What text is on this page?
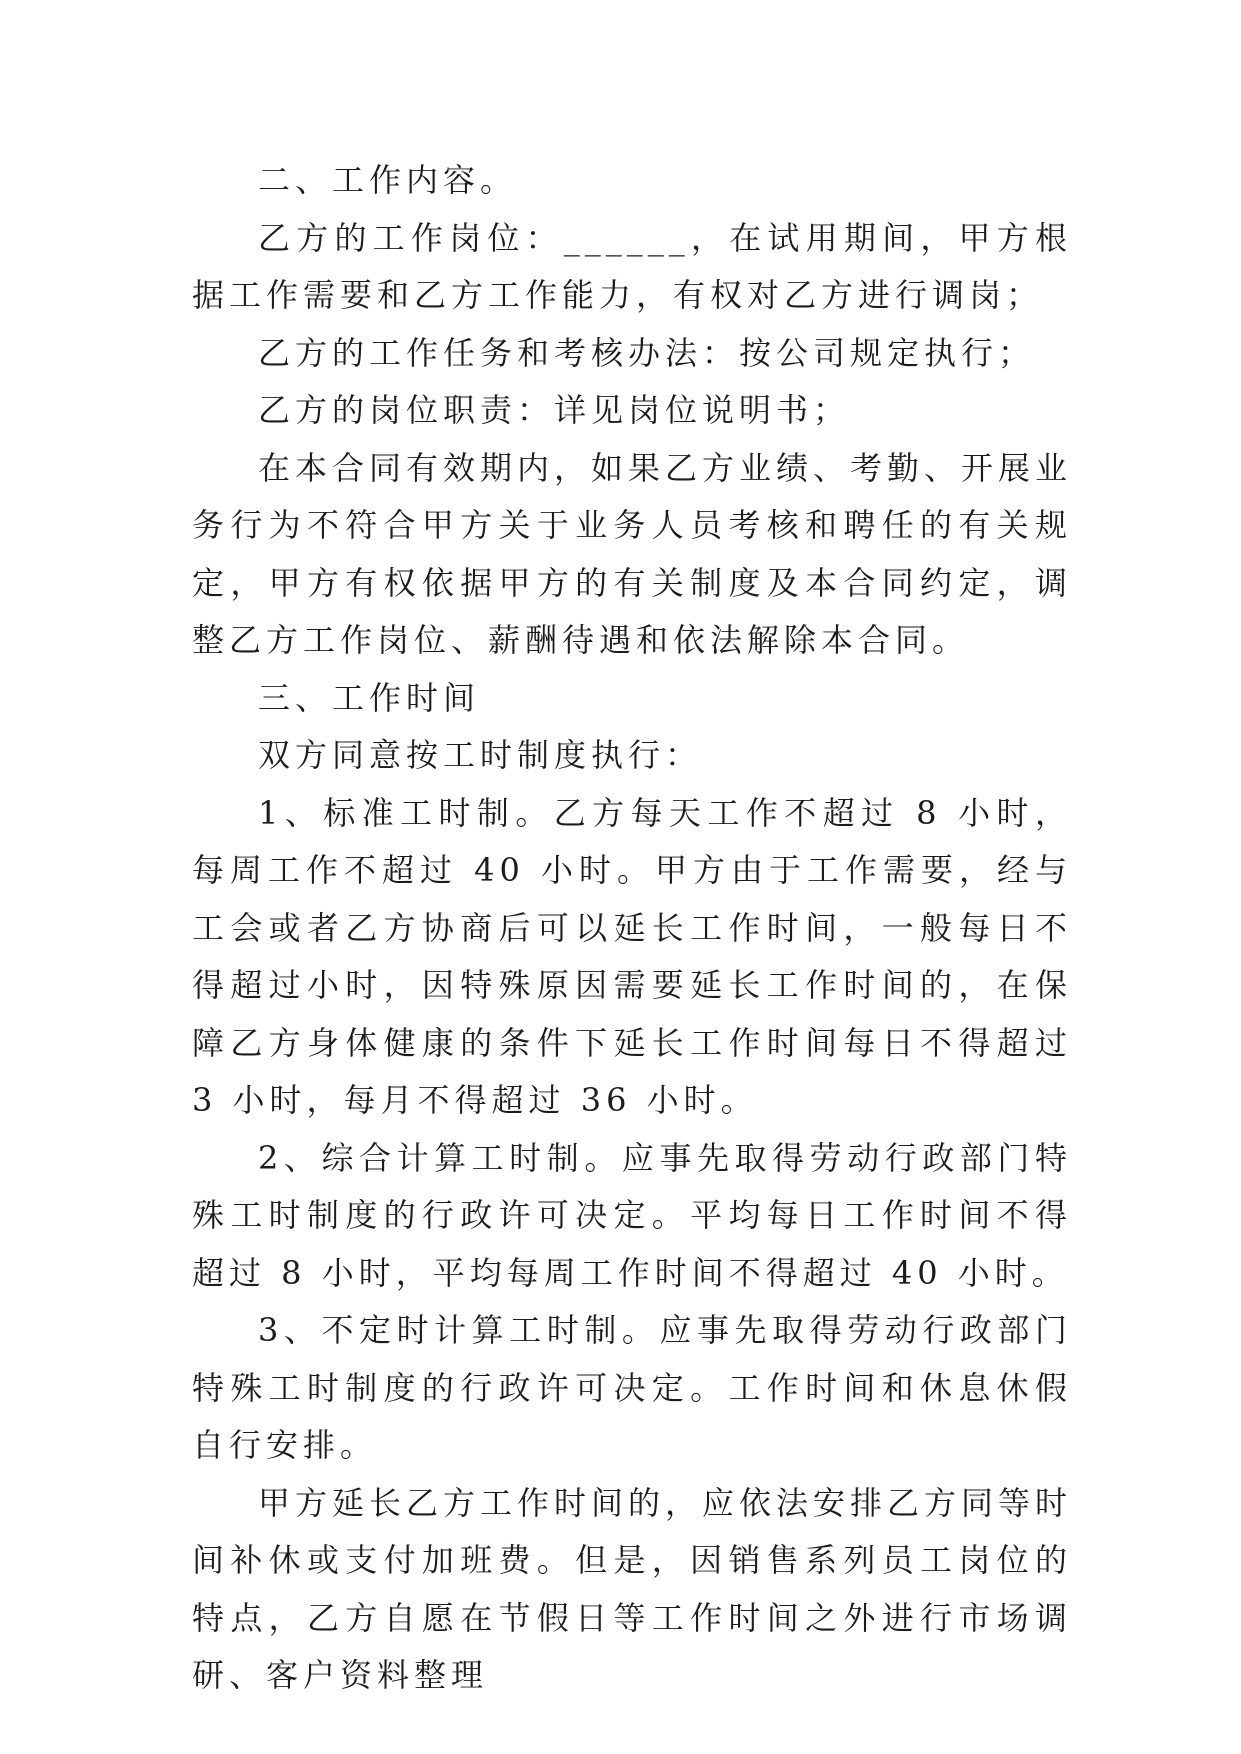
二、工作内容。

乙方的工作岗位：______，在试用期间，甲方根据工作需要和乙方工作能力，有权对乙方进行调岗；

乙方的工作任务和考核办法：按公司规定执行；

乙方的岗位职责：详见岗位说明书；

在本合同有效期内，如果乙方业绩、考勤、开展业务行为不符合甲方关于业务人员考核和聘任的有关规定，甲方有权依据甲方的有关制度及本合同约定，调整乙方工作岗位、薪酬待遇和依法解除本合同。

三、工作时间

双方同意按工时制度执行：

1、标准工时制。乙方每天工作不超过 8 小时，每周工作不超过 40 小时。甲方由于工作需要，经与工会或者乙方协商后可以延长工作时间，一般每日不得超过小时，因特殊原因需要延长工作时间的，在保障乙方身体健康的条件下延长工作时间每日不得超过 3 小时，每月不得超过 36 小时。

2、综合计算工时制。应事先取得劳动行政部门特殊工时制度的行政许可决定。平均每日工作时间不得超过 8 小时，平均每周工作时间不得超过 40 小时。

3、不定时计算工时制。应事先取得劳动行政部门特殊工时制度的行政许可决定。工作时间和休息休假自行安排。

甲方延长乙方工作时间的，应依法安排乙方同等时间补休或支付加班费。但是，因销售系列员工岗位的特点，乙方自愿在节假日等工作时间之外进行市场调研、客户资料整理
